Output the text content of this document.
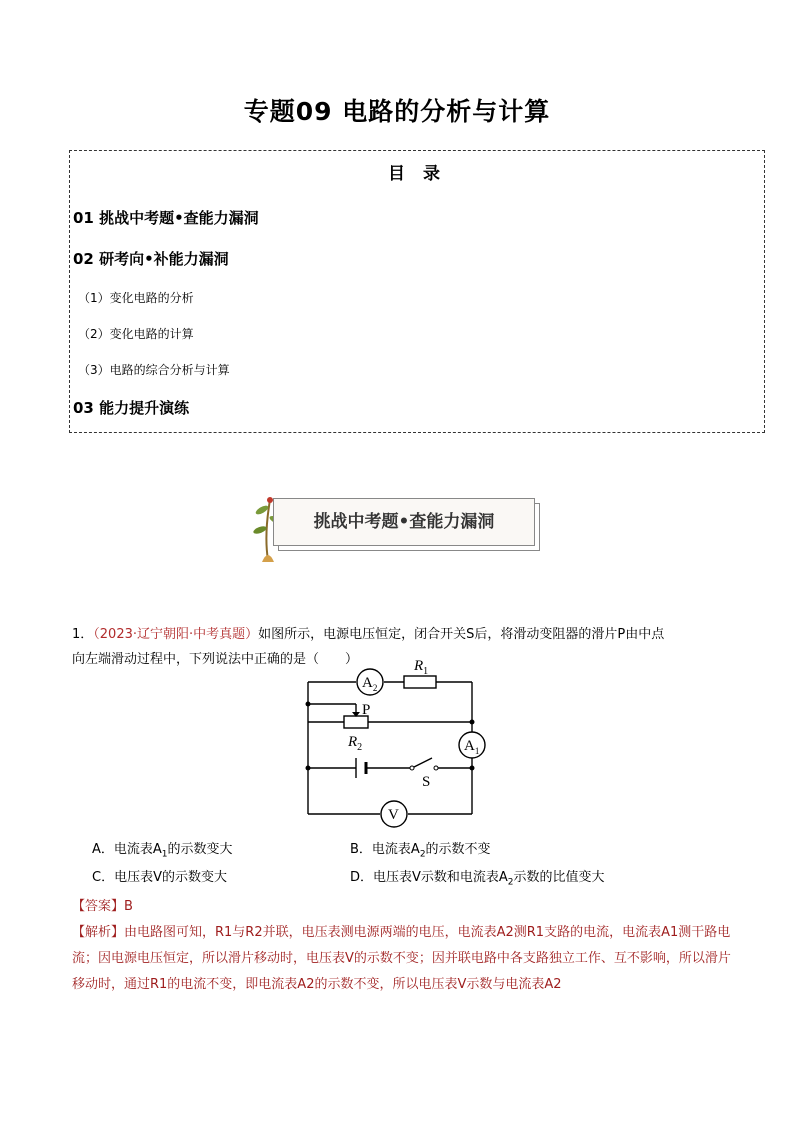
专题09 电路的分析与计算
目 录
01 挑战中考题•查能力漏洞
02 研考向•补能力漏洞
（1）变化电路的分析
（2）变化电路的计算
（3）电路的综合分析与计算
03 能力提升演练
挑战中考题•查能力漏洞
1．（2023·辽宁朝阳·中考真题）如图所示，电源电压恒定，闭合开关S后，将滑动变阻器的滑片P由中点
向左端滑动过程中，下列说法中正确的是（　　）	$R_1$
$R_2$
P
S
$A_2$
$A_1$
V
A．电流表$A_1$的示数变大	B．电流表$A_2$的示数不变
C．电压表V的示数变大	D．电压表V示数和电流表$A_2$示数的比值变大
【答案】B
【解析】由电路图可知，R1与R2并联，电压表测电源两端的电压，电流表A2测R1支路的电流，电流表A1测干路电流；因电源电压恒定，所以滑片移动时，电压表V的示数不变；因并联电路中各支路独立工作、互不影响，所以滑片移动时，通过R1的电流不变，即电流表A2的示数不变，所以电压表V示数与电流表A2
